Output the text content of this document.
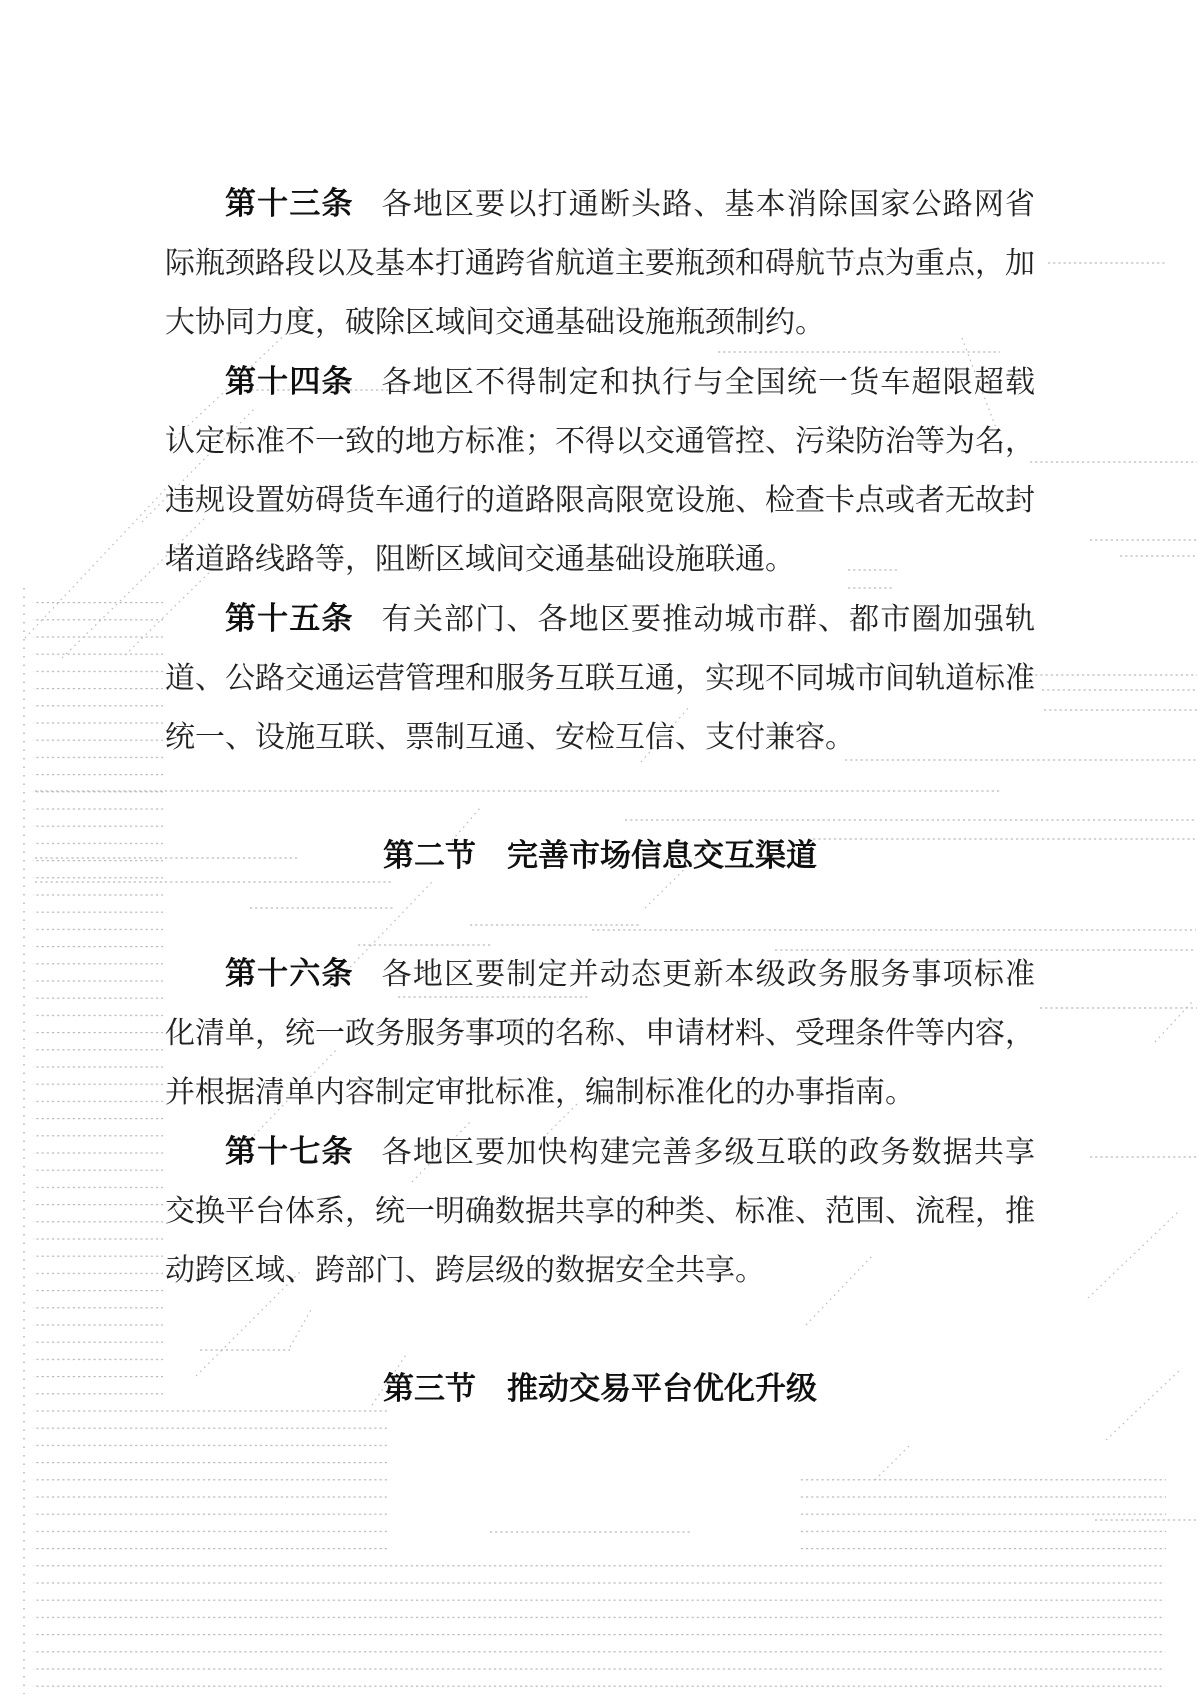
第十三条 各地区要以打通断头路、基本消除国家公路网省际瓶颈路段以及基本打通跨省航道主要瓶颈和碍航节点为重点，加大协同力度，破除区域间交通基础设施瓶颈制约。

第十四条 各地区不得制定和执行与全国统一货车超限超载认定标准不一致的地方标准；不得以交通管控、污染防治等为名，违规设置妨碍货车通行的道路限高限宽设施、检查卡点或者无故封堵道路线路等，阻断区域间交通基础设施联通。

第十五条 有关部门、各地区要推动城市群、都市圈加强轨道、公路交通运营管理和服务互联互通，实现不同城市间轨道标准统一、设施互联、票制互通、安检互信、支付兼容。

第二节　完善市场信息交互渠道

第十六条 各地区要制定并动态更新本级政务服务事项标准化清单，统一政务服务事项的名称、申请材料、受理条件等内容，并根据清单内容制定审批标准，编制标准化的办事指南。

第十七条 各地区要加快构建完善多级互联的政务数据共享交换平台体系，统一明确数据共享的种类、标准、范围、流程，推动跨区域、跨部门、跨层级的数据安全共享。

第三节　推动交易平台优化升级
